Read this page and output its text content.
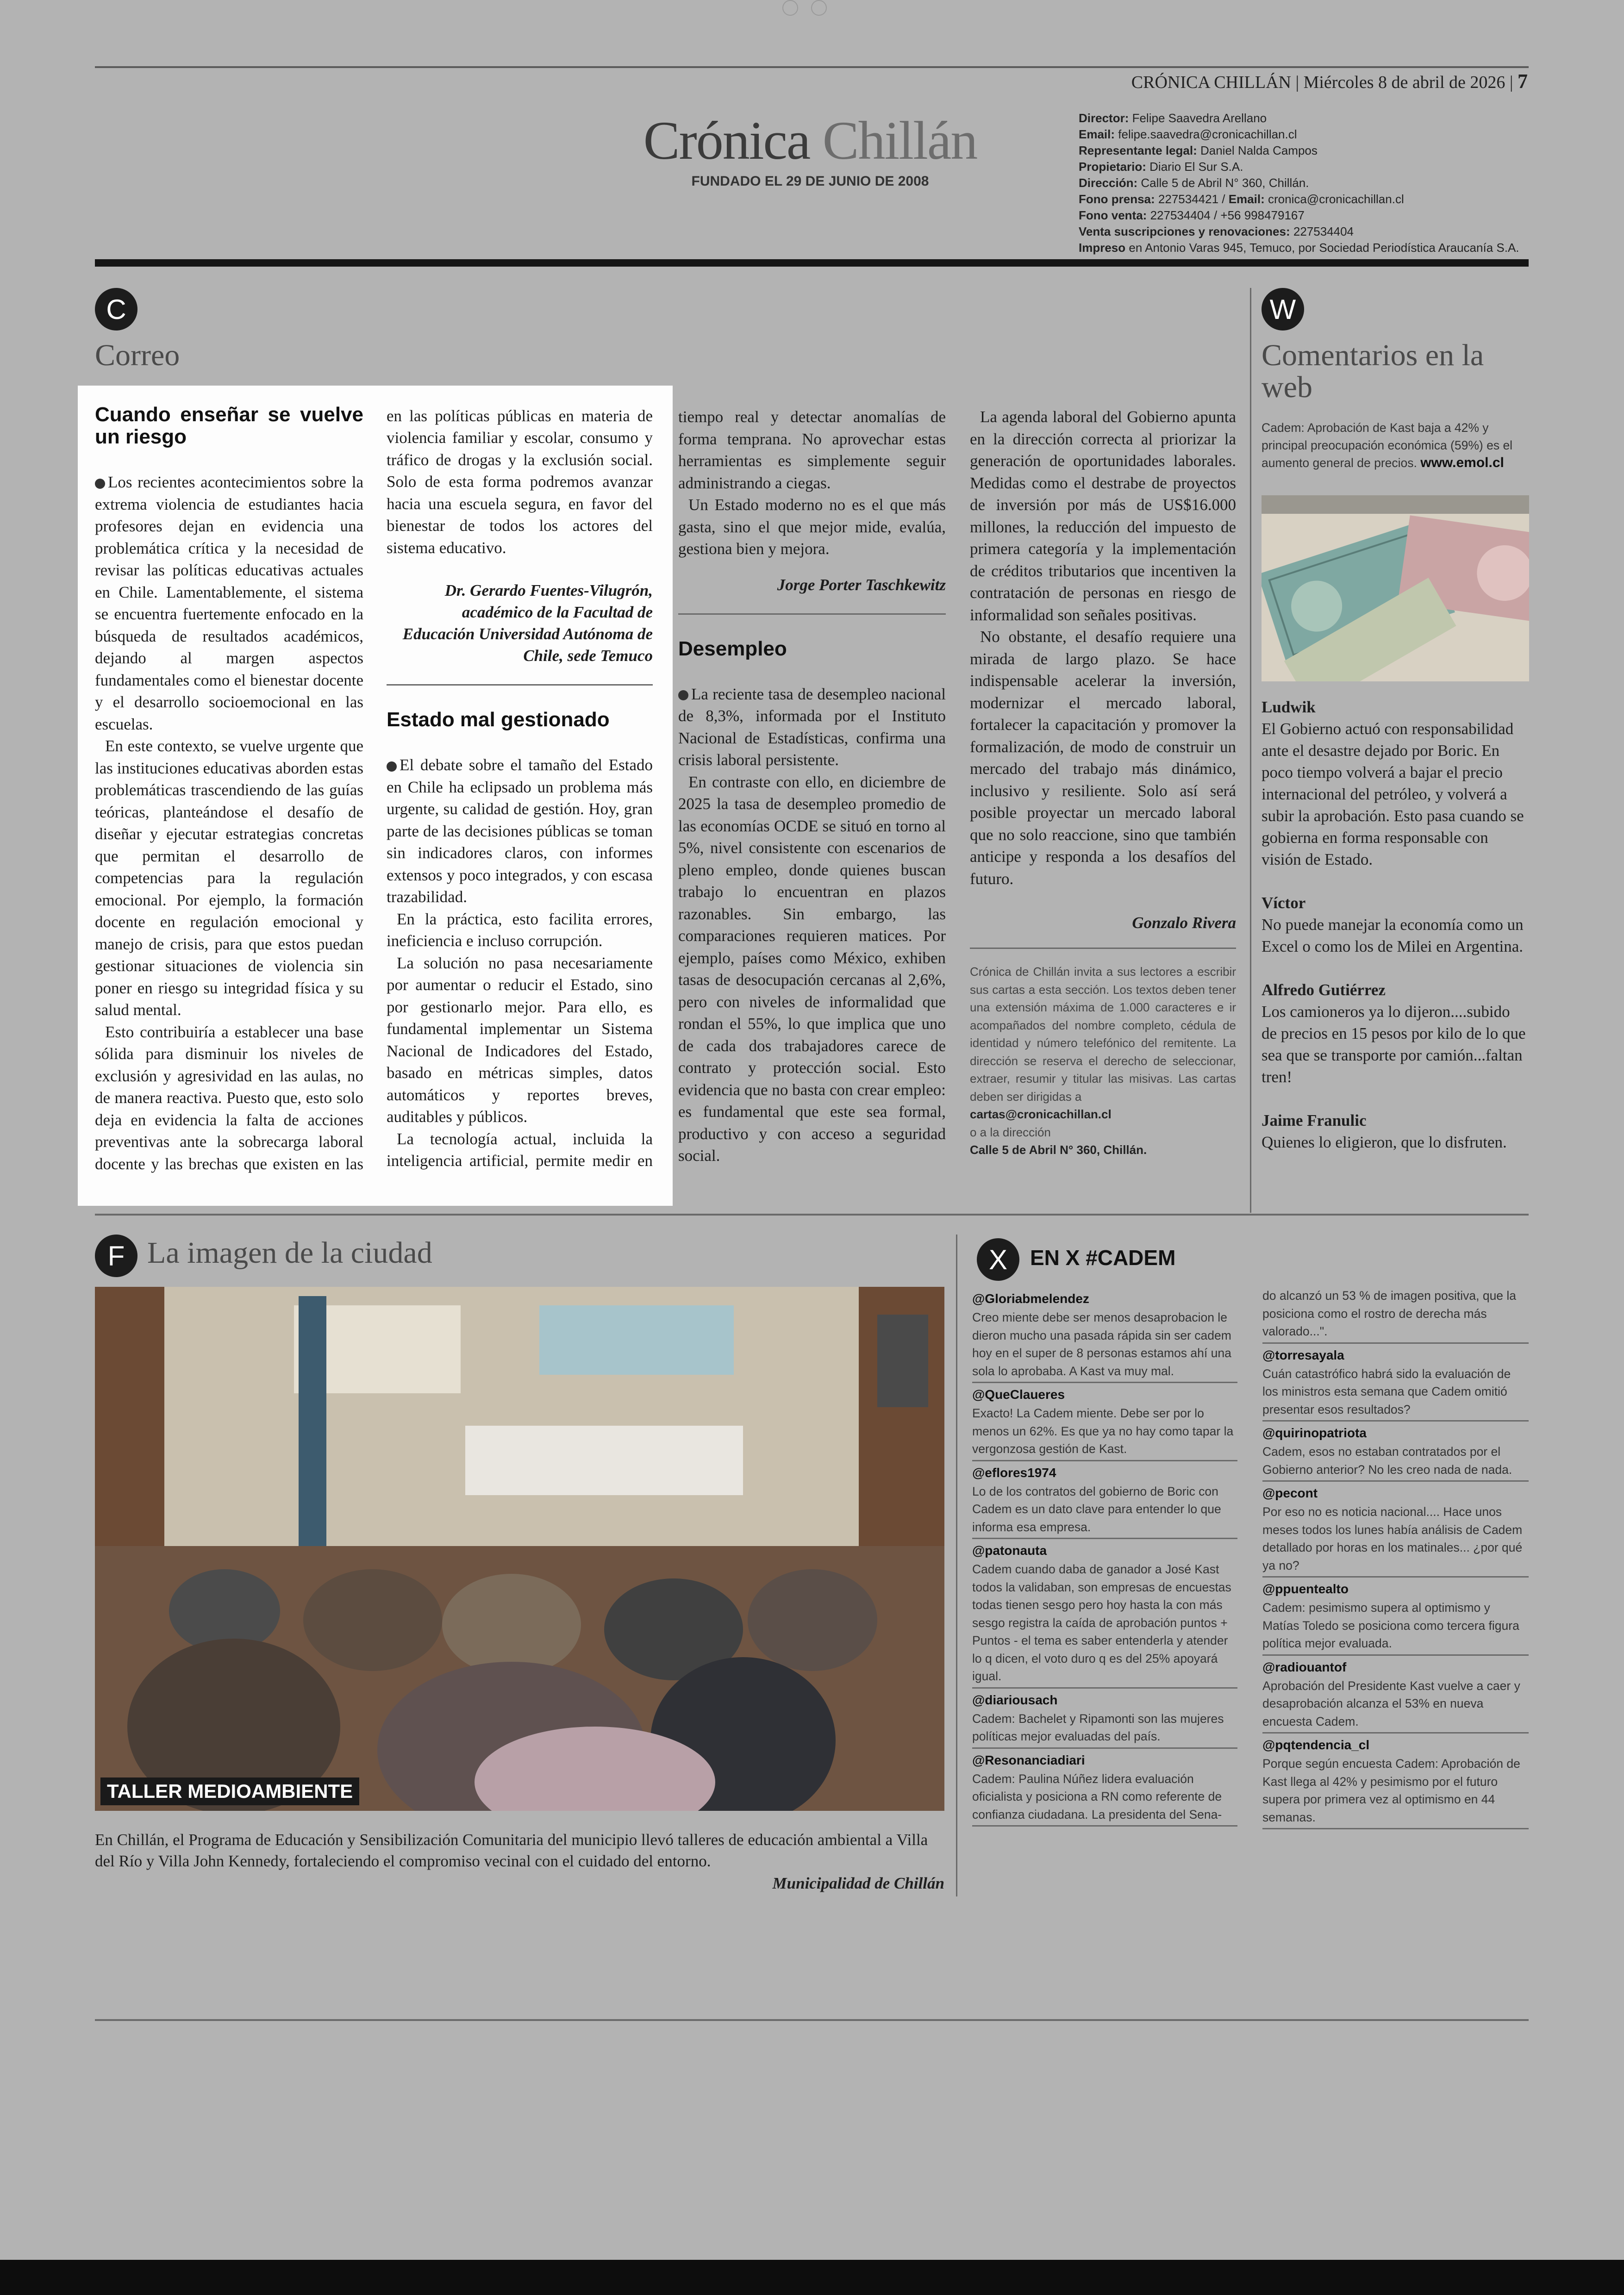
CRÓNICA CHILLÁN | Miércoles 8 de abril de 2026 | 7
Crónica Chillán
FUNDADO EL 29 DE JUNIO DE 2008
Director: Felipe Saavedra Arellano
Email: felipe.saavedra@cronicachillan.cl
Representante legal: Daniel Nalda Campos
Propietario: Diario El Sur S.A.
Dirección: Calle 5 de Abril N° 360, Chillán.
Fono prensa: 227534421 / Email: cronica@cronicachillan.cl
Fono venta: 227534404 / +56 998479167
Venta suscripciones y renovaciones: 227534404
Impreso en Antonio Varas 945, Temuco, por Sociedad Periodística Araucanía S.A.
C
Correo
Cuando enseñar se vuelve un riesgo

Los recientes acontecimientos sobre la extrema violencia de estudiantes hacia profesores dejan en evidencia una problemática crítica y la necesidad de revisar las políticas educativas actuales en Chile. Lamentablemente, el sistema se encuentra fuertemente enfocado en la búsqueda de resultados académicos, dejando al margen aspectos fundamentales como el bienestar docente y el desarrollo socioemocional en las escuelas.

En este contexto, se vuelve urgente que las instituciones educativas aborden estas problemáticas trascendiendo de las guías teóricas, planteándose el desafío de diseñar y ejecutar estrategias concretas que permitan el desarrollo de competencias para la regulación emocional. Por ejemplo, la formación docente en regulación emocional y manejo de crisis, para que estos puedan gestionar situaciones de violencia sin poner en riesgo su integridad física y su salud mental.

Esto contribuiría a establecer una base sólida para disminuir los niveles de exclusión y agresividad en las aulas, no de manera reactiva. Puesto que, esto solo deja en evidencia la falta de acciones preventivas ante la sobrecarga laboral docente y las brechas que existen en las

en las políticas públicas en materia de violencia familiar y escolar, consumo y tráfico de drogas y la exclusión social. Solo de esta forma podremos avanzar hacia una escuela segura, en favor del bienestar de todos los actores del sistema educativo.

Dr. Gerardo Fuentes-Vilugrón, académico de la Facultad de Educación Universidad Autónoma de Chile, sede Temuco
Estado mal gestionado

El debate sobre el tamaño del Estado en Chile ha eclipsado un problema más urgente, su calidad de gestión. Hoy, gran parte de las decisiones públicas se toman sin indicadores claros, con informes extensos y poco integrados, y con escasa trazabilidad.

En la práctica, esto facilita errores, ineficiencia e incluso corrupción.

La solución no pasa necesariamente por aumentar o reducir el Estado, sino por gestionarlo mejor. Para ello, es fundamental implementar un Sistema Nacional de Indicadores del Estado, basado en métricas simples, datos automáticos y reportes breves, auditables y públicos.

La tecnología actual, incluida la inteligencia artificial, permite medir en

tiempo real y detectar anomalías de forma temprana. No aprovechar estas herramientas es simplemente seguir administrando a ciegas.

Un Estado moderno no es el que más gasta, sino el que mejor mide, evalúa, gestiona bien y mejora.

Jorge Porter Taschkewitz
Desempleo

La reciente tasa de desempleo nacional de 8,3%, informada por el Instituto Nacional de Estadísticas, confirma una crisis laboral persistente.

En contraste con ello, en diciembre de 2025 la tasa de desempleo promedio de las economías OCDE se situó en torno al 5%, nivel consistente con escenarios de pleno empleo, donde quienes buscan trabajo lo encuentran en plazos razonables. Sin embargo, las comparaciones requieren matices. Por ejemplo, países como México, exhiben tasas de desocupación cercanas al 2,6%, pero con niveles de informalidad que rondan el 55%, lo que implica que uno de cada dos trabajadores carece de contrato y protección social. Esto evidencia que no basta con crear empleo: es fundamental que este sea formal, productivo y con acceso a seguridad social.

La agenda laboral del Gobierno apunta en la dirección correcta al priorizar la generación de oportunidades laborales. Medidas como el destrabe de proyectos de inversión por más de US$16.000 millones, la reducción del impuesto de primera categoría y la implementación de créditos tributarios que incentiven la contratación de personas en riesgo de informalidad son señales positivas.

No obstante, el desafío requiere una mirada de largo plazo. Se hace indispensable acelerar la inversión, modernizar el mercado laboral, fortalecer la capacitación y promover la formalización, de modo de construir un mercado del trabajo más dinámico, inclusivo y resiliente. Solo así será posible proyectar un mercado laboral que no solo reaccione, sino que también anticipe y responda a los desafíos del futuro.

Gonzalo Rivera
Crónica de Chillán invita a sus lectores a escribir sus cartas a esta sección. Los textos deben tener una extensión máxima de 1.000 caracteres e ir acompañados del nombre completo, cédula de identidad y número telefónico del remitente. La dirección se reserva el derecho de seleccionar, extraer, resumir y titular las misivas. Las cartas deben ser dirigidas a
cartas@cronicachillan.cl
o a la dirección
Calle 5 de Abril N° 360, Chillán.
W
Comentarios en la web
Cadem: Aprobación de Kast baja a 42% y principal preocupación económica (59%) es el aumento general de precios. www.emol.cl
Ludwik
El Gobierno actuó con responsabilidad ante el desastre dejado por Boric. En poco tiempo volverá a bajar el precio internacional del petróleo, y volverá a subir la aprobación. Esto pasa cuando se gobierna en forma responsable con visión de Estado.
Víctor
No puede manejar la economía como un Excel o como los de Milei en Argentina.
Alfredo Gutiérrez
Los camioneros ya lo dijeron....subido de precios en 15 pesos por kilo de lo que sea que se transporte por camión...faltan tren!
Jaime Franulic
Quienes lo eligieron, que lo disfruten.
F La imagen de la ciudad
TALLER MEDIOAMBIENTE
En Chillán, el Programa de Educación y Sensibilización Comunitaria del municipio llevó talleres de educación ambiental a Villa del Río y Villa John Kennedy, fortaleciendo el compromiso vecinal con el cuidado del entorno.
Municipalidad de Chillán
X	EN X #CADEM
@Gloriabmelendez
Creo miente debe ser menos desaprobacion le dieron mucho una pasada rápida sin ser cadem hoy en el super de 8 personas estamos ahí una sola lo aprobaba. A Kast va muy mal.
@QueClaueres
Exacto! La Cadem miente. Debe ser por lo menos un 62%. Es que ya no hay como tapar la vergonzosa gestión de Kast.
@eflores1974
Lo de los contratos del gobierno de Boric con Cadem es un dato clave para entender lo que informa esa empresa.
@patonauta
Cadem cuando daba de ganador a José Kast todos la validaban, son empresas de encuestas todas tienen sesgo pero hoy hasta la con más sesgo registra la caída de aprobación puntos + Puntos - el tema es saber entenderla y atender lo q dicen, el voto duro q es del 25% apoyará igual.
@diariousach
Cadem: Bachelet y Ripamonti son las mujeres políticas mejor evaluadas del país.
@Resonanciadiari
Cadem: Paulina Núñez lidera evaluación oficialista y posiciona a RN como referente de confianza ciudadana. La presidenta del Sena-
do alcanzó un 53 % de imagen positiva, que la posiciona como el rostro de derecha más valorado...".
@torresayala
Cuán catastrófico habrá sido la evaluación de los ministros esta semana que Cadem omitió presentar esos resultados?
@quirinopatriota
Cadem, esos no estaban contratados por el Gobierno anterior? No les creo nada de nada.
@pecont
Por eso no es noticia nacional.... Hace unos meses todos los lunes había análisis de Cadem detallado por horas en los matinales... ¿por qué ya no?
@ppuentealto
Cadem: pesimismo supera al optimismo y Matías Toledo se posiciona como tercera figura política mejor evaluada.
@radiouantof
Aprobación del Presidente Kast vuelve a caer y desaprobación alcanza el 53% en nueva encuesta Cadem.
@pqtendencia_cl
Porque según encuesta Cadem: Aprobación de Kast llega al 42% y pesimismo por el futuro supera por primera vez al optimismo en 44 semanas.
